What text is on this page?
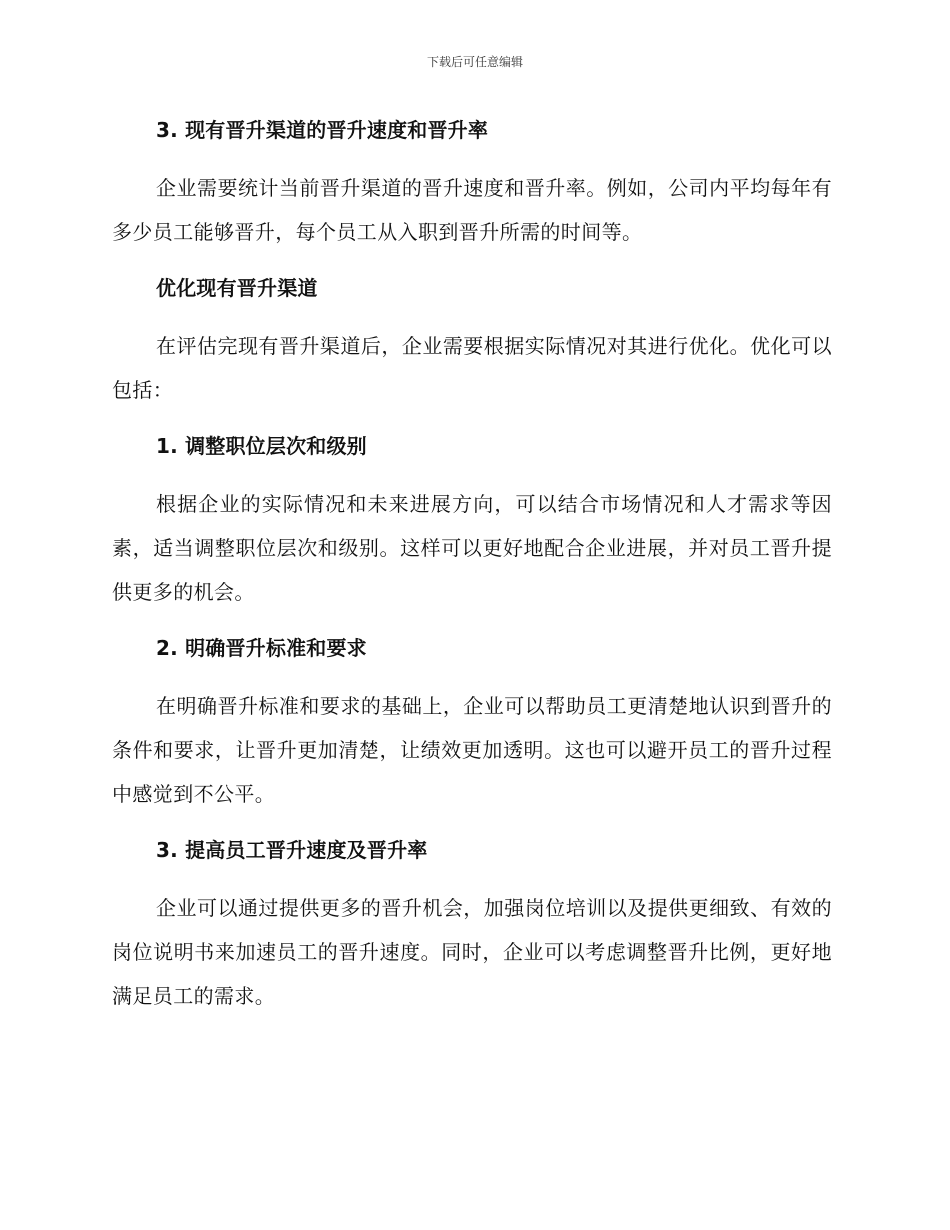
下载后可任意编辑
3. 现有晋升渠道的晋升速度和晋升率

企业需要统计当前晋升渠道的晋升速度和晋升率。例如，公司内平均每年有多少员工能够晋升，每个员工从入职到晋升所需的时间等。

优化现有晋升渠道

在评估完现有晋升渠道后，企业需要根据实际情况对其进行优化。优化可以包括：

1. 调整职位层次和级别

根据企业的实际情况和未来进展方向，可以结合市场情况和人才需求等因素，适当调整职位层次和级别。这样可以更好地配合企业进展，并对员工晋升提供更多的机会。

2. 明确晋升标准和要求

在明确晋升标准和要求的基础上，企业可以帮助员工更清楚地认识到晋升的条件和要求，让晋升更加清楚，让绩效更加透明。这也可以避开员工的晋升过程中感觉到不公平。

3. 提高员工晋升速度及晋升率

企业可以通过提供更多的晋升机会，加强岗位培训以及提供更细致、有效的岗位说明书来加速员工的晋升速度。同时，企业可以考虑调整晋升比例，更好地满足员工的需求。
